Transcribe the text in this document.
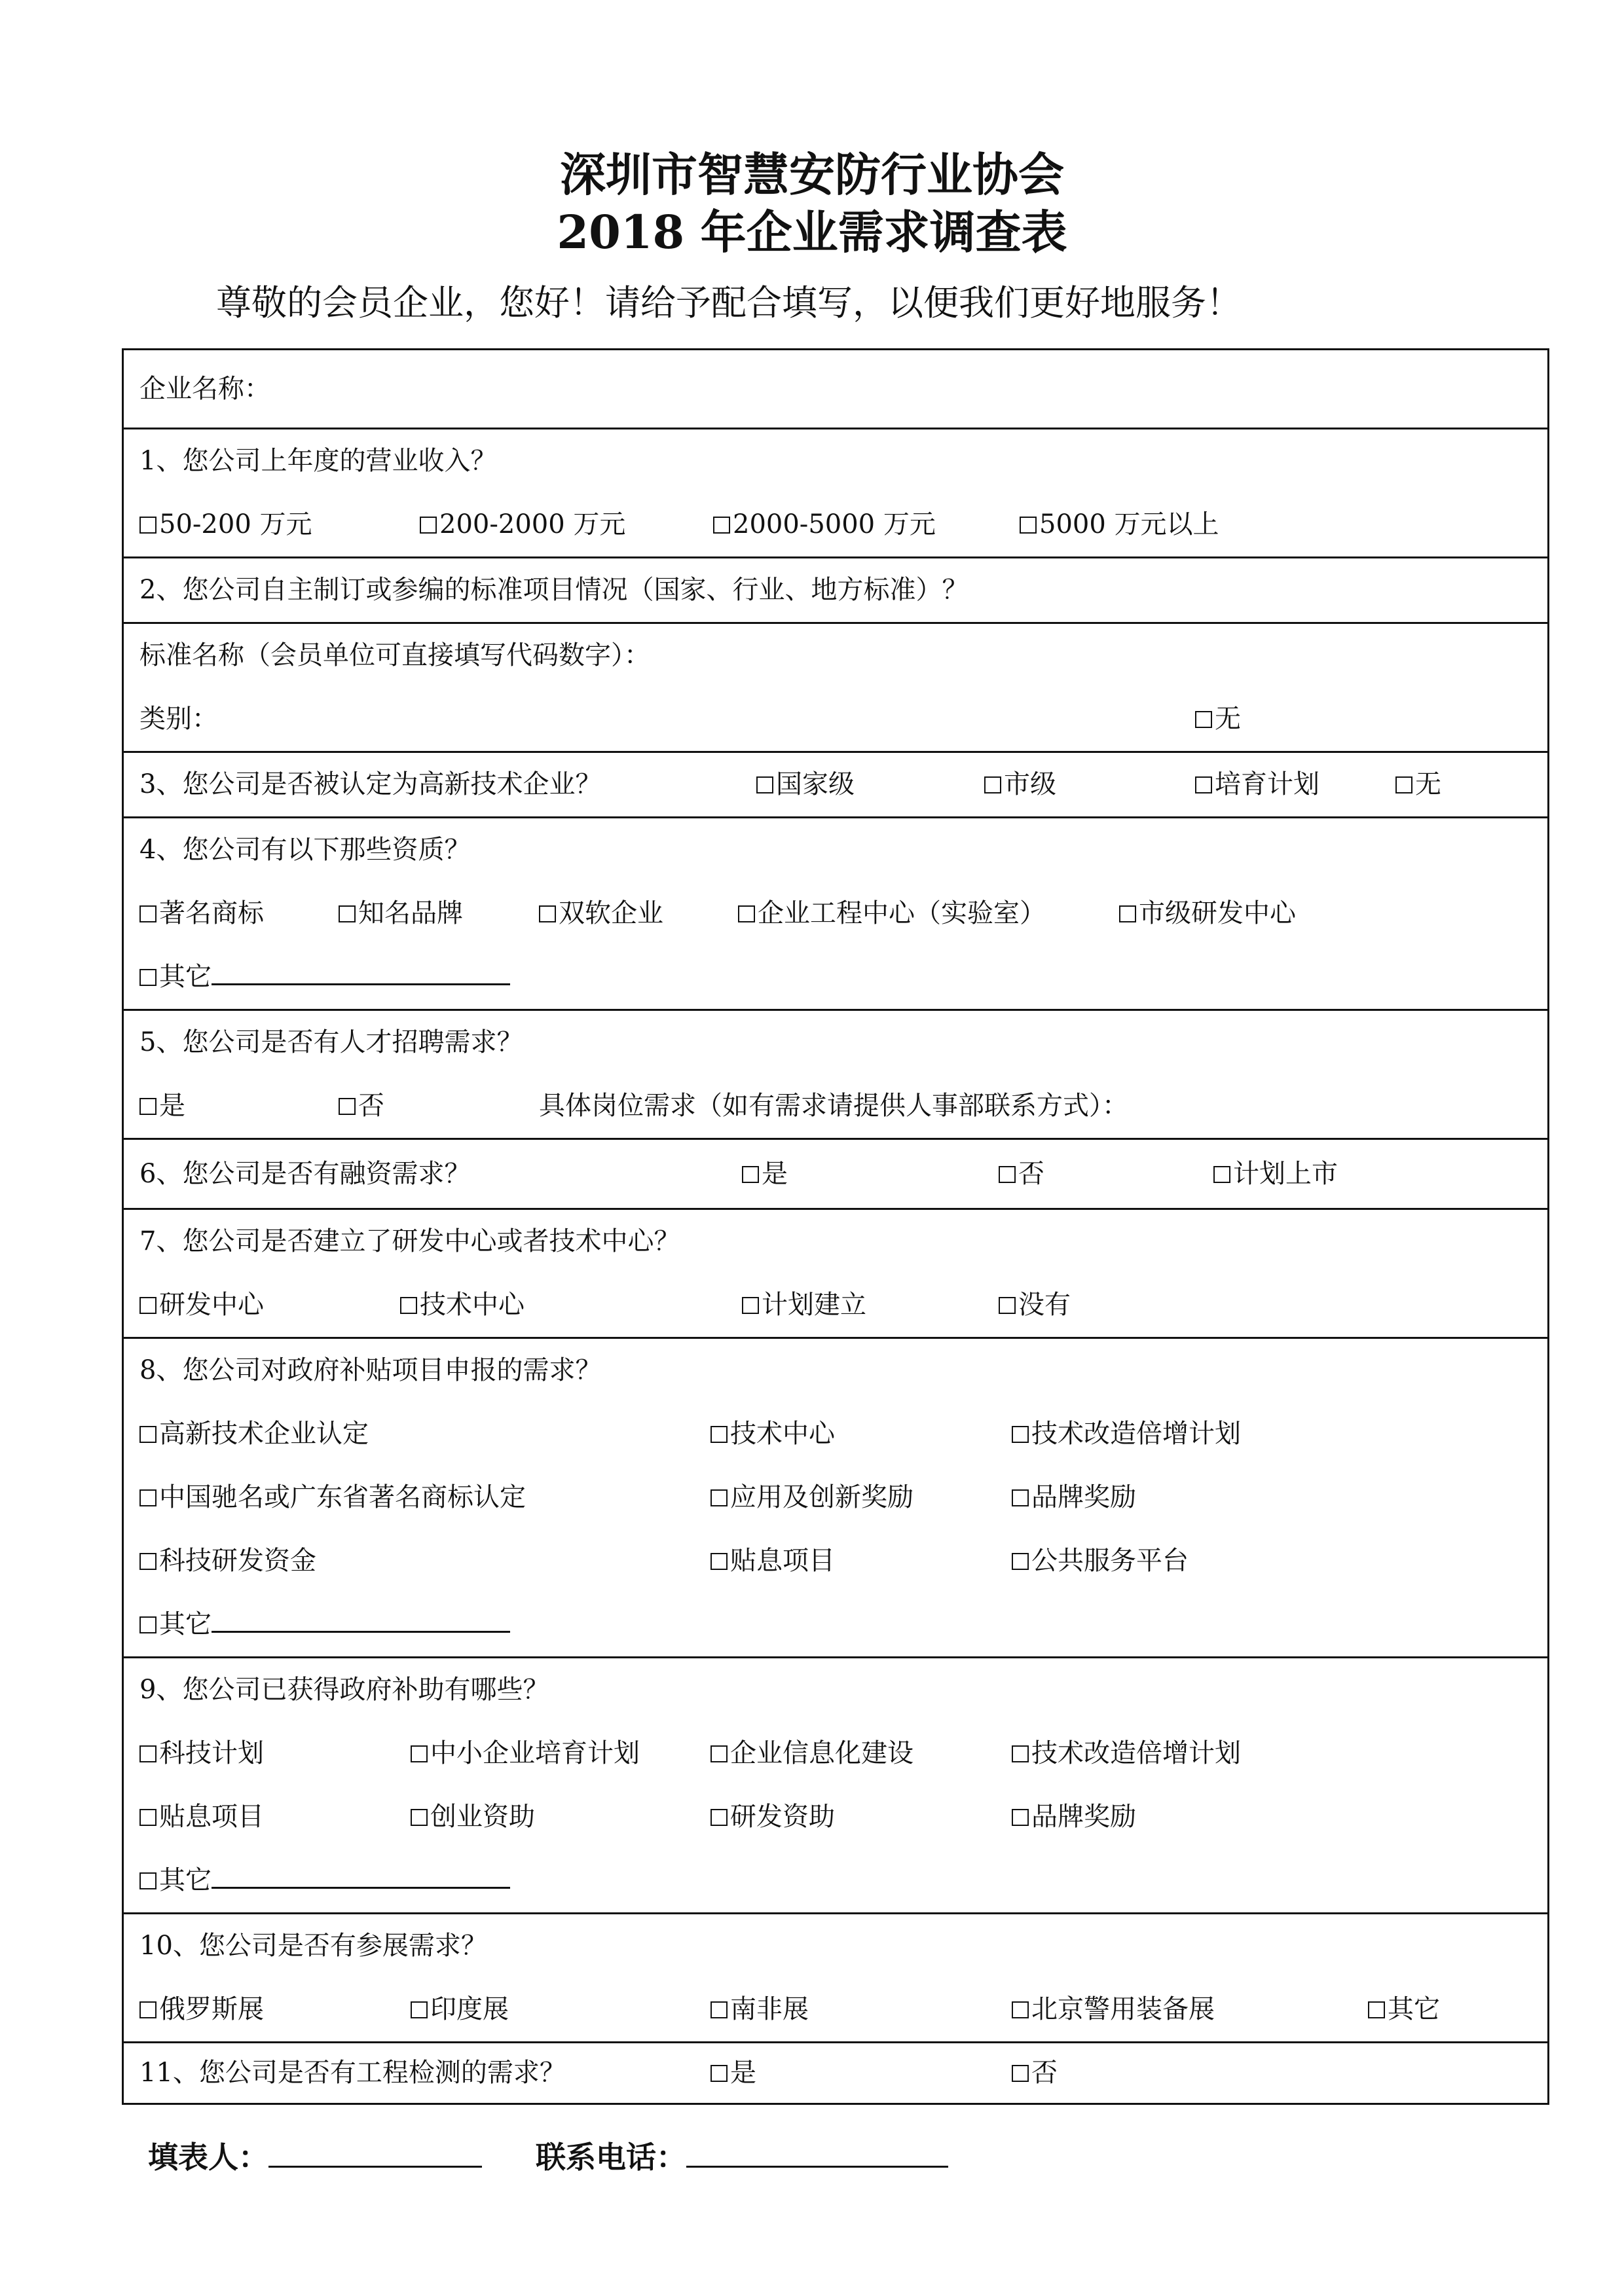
深圳市智慧安防行业协会
2018 年企业需求调查表
尊敬的会员企业，您好！请给予配合填写，以便我们更好地服务！
企业名称：

1、您公司上年度的营业收入？
50-200 万元	200-2000 万元	2000-5000 万元	5000 万元以上

2、您公司自主制订或参编的标准项目情况（国家、行业、地方标准）？

标准名称（会员单位可直接填写代码数字）：
类别：	无

3、您公司是否被认定为高新技术企业？	国家级	市级	培育计划	无

4、您公司有以下那些资质？
著名商标	知名品牌	双软企业	企业工程中心（实验室）	市级研发中心
其它

5、您公司是否有人才招聘需求？
是	否	具体岗位需求（如有需求请提供人事部联系方式）：

6、您公司是否有融资需求？	是	否	计划上市

7、您公司是否建立了研发中心或者技术中心？
研发中心	技术中心	计划建立	没有

8、您公司对政府补贴项目申报的需求？
高新技术企业认定	技术中心	技术改造倍增计划
中国驰名或广东省著名商标认定	应用及创新奖励	品牌奖励
科技研发资金	贴息项目	公共服务平台
其它

9、您公司已获得政府补助有哪些？
科技计划	中小企业培育计划	企业信息化建设	技术改造倍增计划
贴息项目	创业资助	研发资助	品牌奖励
其它

10、您公司是否有参展需求？
俄罗斯展	印度展	南非展	北京警用装备展	其它

11、您公司是否有工程检测的需求？	是	否
填表人：	联系电话：
